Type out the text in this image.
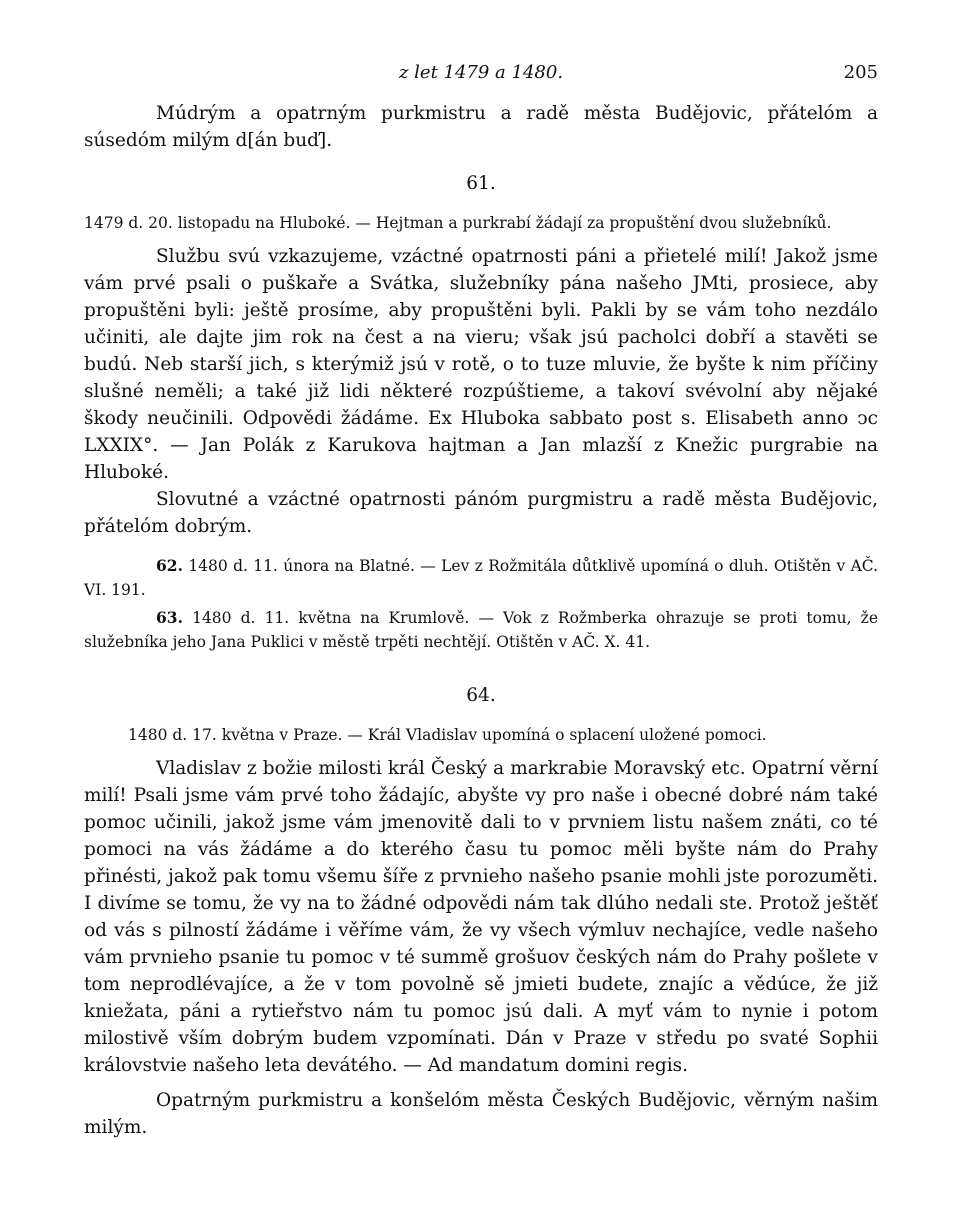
z let 1479 a 1480.	205

Múdrým a opatrným purkmistru a radě města Budějovic, přátelóm a súsedóm milým d[án buď].

61.

1479 d. 20. listopadu na Hluboké. — Hejtman a purkrabí žádají za propuštění dvou služebníků.

Službu svú vzkazujeme, vzáctné opatrnosti páni a přietelé milí! Jakož jsme vám prvé psali o puškaře a Svátka, služebníky pána našeho JMti, prosiece, aby propuštěni byli: ještě prosíme, aby propuštěni byli. Pakli by se vám toho nezdálo učiniti, ale dajte jim rok na čest a na vieru; však jsú pacholci dobří a stavěti se budú. Neb starší jich, s kterýmiž jsú v rotě, o to tuze mluvie, že byšte k nim příčiny slušné neměli; a také již lidi některé rozpúštieme, a takoví svévolní aby nějaké škody neučinili. Odpovědi žádáme. Ex Hluboka sabbato post s. Elisabeth anno ↄc LXXIX°. — Jan Polák z Karukova hajtman a Jan mlazší z Knežic purgrabie na Hluboké.

Slovutné a vzáctné opatrnosti pánóm purgmistru a radě města Budějovic, přátelóm dobrým.

62. 1480 d. 11. února na Blatné. — Lev z Rožmitála důtklivě upomíná o dluh. Otištěn v AČ. VI. 191.

63. 1480 d. 11. května na Krumlově. — Vok z Rožmberka ohrazuje se proti tomu, že služebníka jeho Jana Puklici v městě trpěti nechtějí. Otištěn v AČ. X. 41.

64.

1480 d. 17. května v Praze. — Král Vladislav upomíná o splacení uložené pomoci.

Vladislav z božie milosti král Český a markrabie Moravský etc. Opatrní věrní milí! Psali jsme vám prvé toho žádajíc, abyšte vy pro naše i obecné dobré nám také pomoc učinili, jakož jsme vám jmenovitě dali to v prvniem listu našem znáti, co té pomoci na vás žádáme a do kterého času tu pomoc měli byšte nám do Prahy přinésti, jakož pak tomu všemu šíře z prvnieho našeho psanie mohli jste porozuměti. I divíme se tomu, že vy na to žádné odpovědi nám tak dlúho nedali ste. Protož ještěť od vás s pilností žádáme i věříme vám, že vy všech výmluv nechajíce, vedle našeho vám prvnieho psanie tu pomoc v té summě grošuov českých nám do Prahy pošlete v tom neprodlévajíce, a že v tom povolně sě jmieti budete, znajíc a vědúce, že již kniežata, páni a rytieřstvo nám tu pomoc jsú dali. A myť vám to nynie i potom milostivě vším dobrým budem vzpomínati. Dán v Praze v středu po svaté Sophii královstvie našeho leta devátého. — Ad mandatum domini regis.

Opatrným purkmistru a konšelóm města Českých Budějovic, věrným našim milým.
